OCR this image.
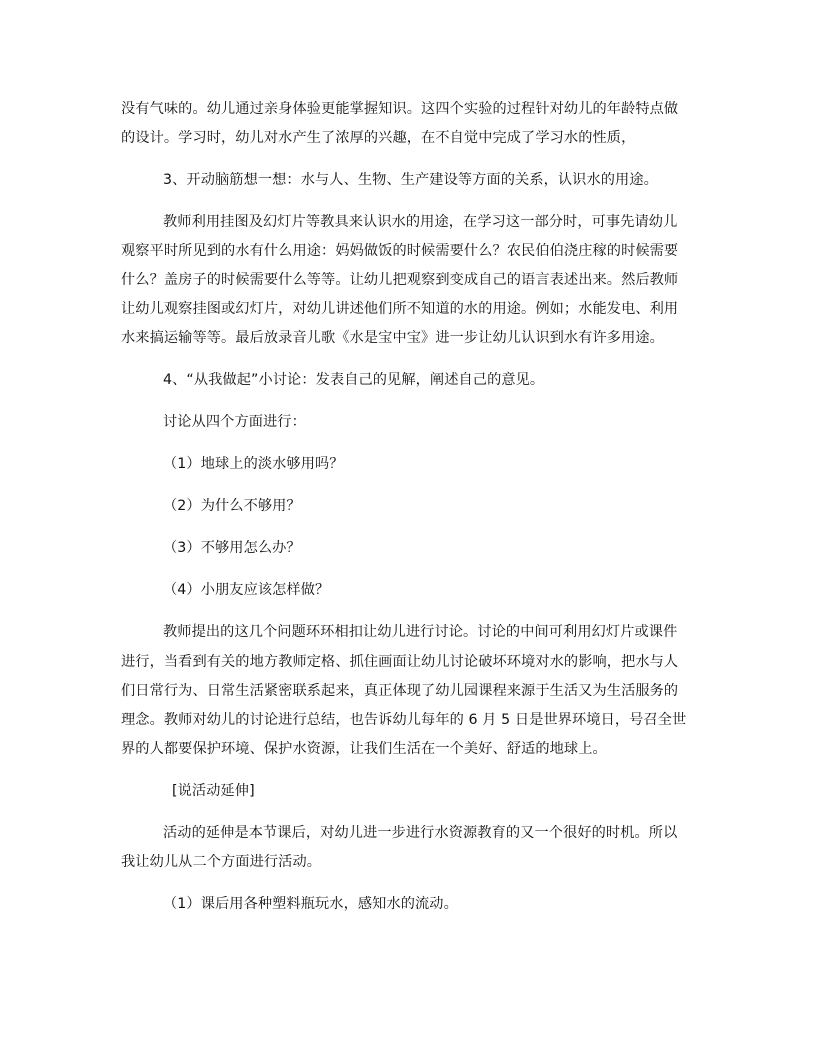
没有气味的。幼儿通过亲身体验更能掌握知识。这四个实验的过程针对幼儿的年龄特点做

的设计。学习时，幼儿对水产生了浓厚的兴趣，在不自觉中完成了学习水的性质，

3、开动脑筋想一想：水与人、生物、生产建设等方面的关系，认识水的用途。

教师利用挂图及幻灯片等教具来认识水的用途，在学习这一部分时，可事先请幼儿

观察平时所见到的水有什么用途：妈妈做饭的时候需要什么？农民伯伯浇庄稼的时候需要

什么？盖房子的时候需要什么等等。让幼儿把观察到变成自己的语言表述出来。然后教师

让幼儿观察挂图或幻灯片，对幼儿讲述他们所不知道的水的用途。例如；水能发电、利用

水来搞运输等等。最后放录音儿歌《水是宝中宝》进一步让幼儿认识到水有许多用途。

4、“从我做起”小讨论：发表自己的见解，阐述自己的意见。

讨论从四个方面进行：

（1）地球上的淡水够用吗？

（2）为什么不够用？

（3）不够用怎么办？

（4）小朋友应该怎样做？

教师提出的这几个问题环环相扣让幼儿进行讨论。讨论的中间可利用幻灯片或课件

进行，当看到有关的地方教师定格、抓住画面让幼儿讨论破坏环境对水的影响，把水与人

们日常行为、日常生活紧密联系起来，真正体现了幼儿园课程来源于生活又为生活服务的

理念。教师对幼儿的讨论进行总结，也告诉幼儿每年的 6 月 5 日是世界环境日，号召全世

界的人都要保护环境、保护水资源，让我们生活在一个美好、舒适的地球上。

[说活动延伸]

活动的延伸是本节课后，对幼儿进一步进行水资源教育的又一个很好的时机。所以

我让幼儿从二个方面进行活动。

（1）课后用各种塑料瓶玩水，感知水的流动。
